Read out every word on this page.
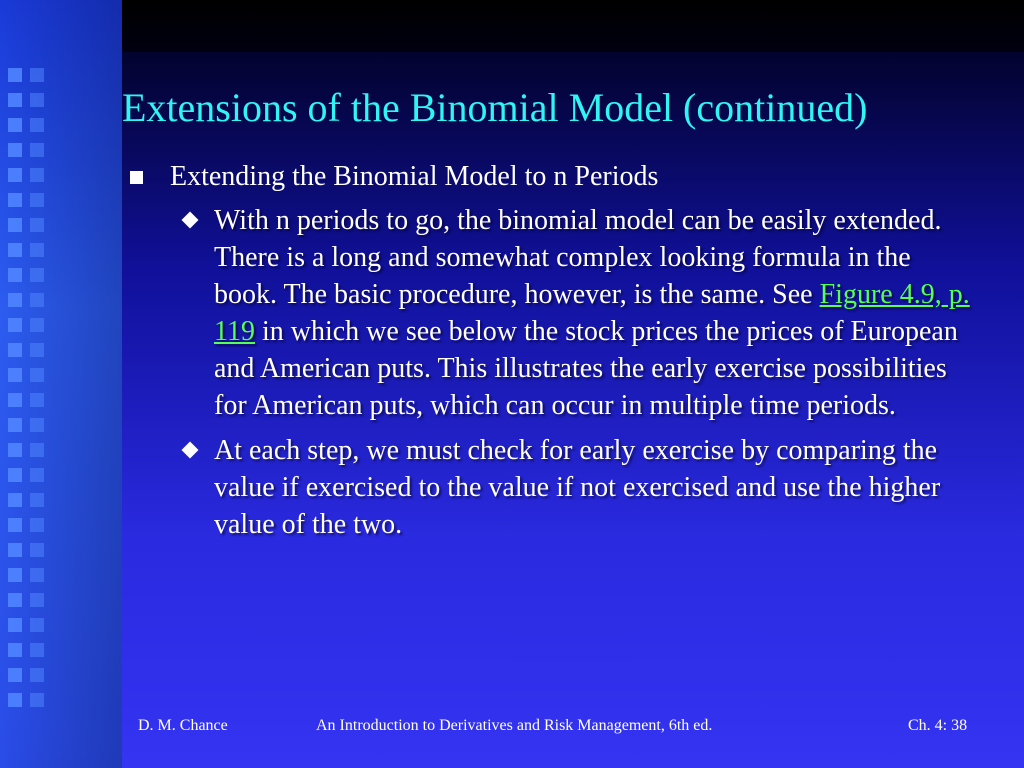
Extensions of the Binomial Model (continued)
Extending the Binomial Model to n Periods
With n periods to go, the binomial model can be easily extended. There is a long and somewhat complex looking formula in the book. The basic procedure, however, is the same. See Figure 4.9, p. 119 in which we see below the stock prices the prices of European and American puts. This illustrates the early exercise possibilities for American puts, which can occur in multiple time periods.
At each step, we must check for early exercise by comparing the value if exercised to the value if not exercised and use the higher value of the two.
D. M. Chance	An Introduction to Derivatives and Risk Management, 6th ed.	Ch. 4: 38
